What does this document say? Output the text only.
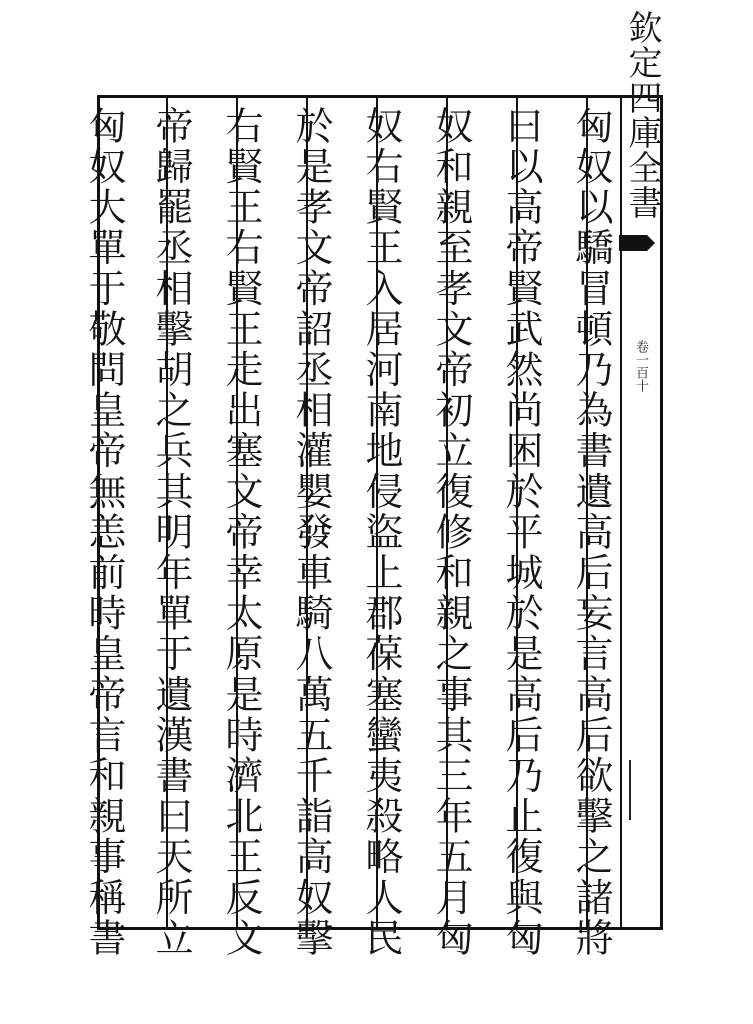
匈奴以驕冒頓乃為書遺高后妄言高后欲擊之諸將
曰以高帝賢武然尚困於平城於是高后乃止復與匈
奴和親至孝文帝初立復修和親之事其三年五月匈
奴右賢王入居河南地侵盜上郡葆塞蠻夷殺略人民
於是孝文帝詔丞相灌嬰發車騎八萬五千詣高奴擊
右賢王右賢王走出塞文帝幸太原是時濟北王反文
帝歸罷丞相擊胡之兵其明年單于遺漢書曰天所立
匈奴大單于敬問皇帝無恙前時皇帝言和親事稱書	欽定四庫全書
卷一百十
